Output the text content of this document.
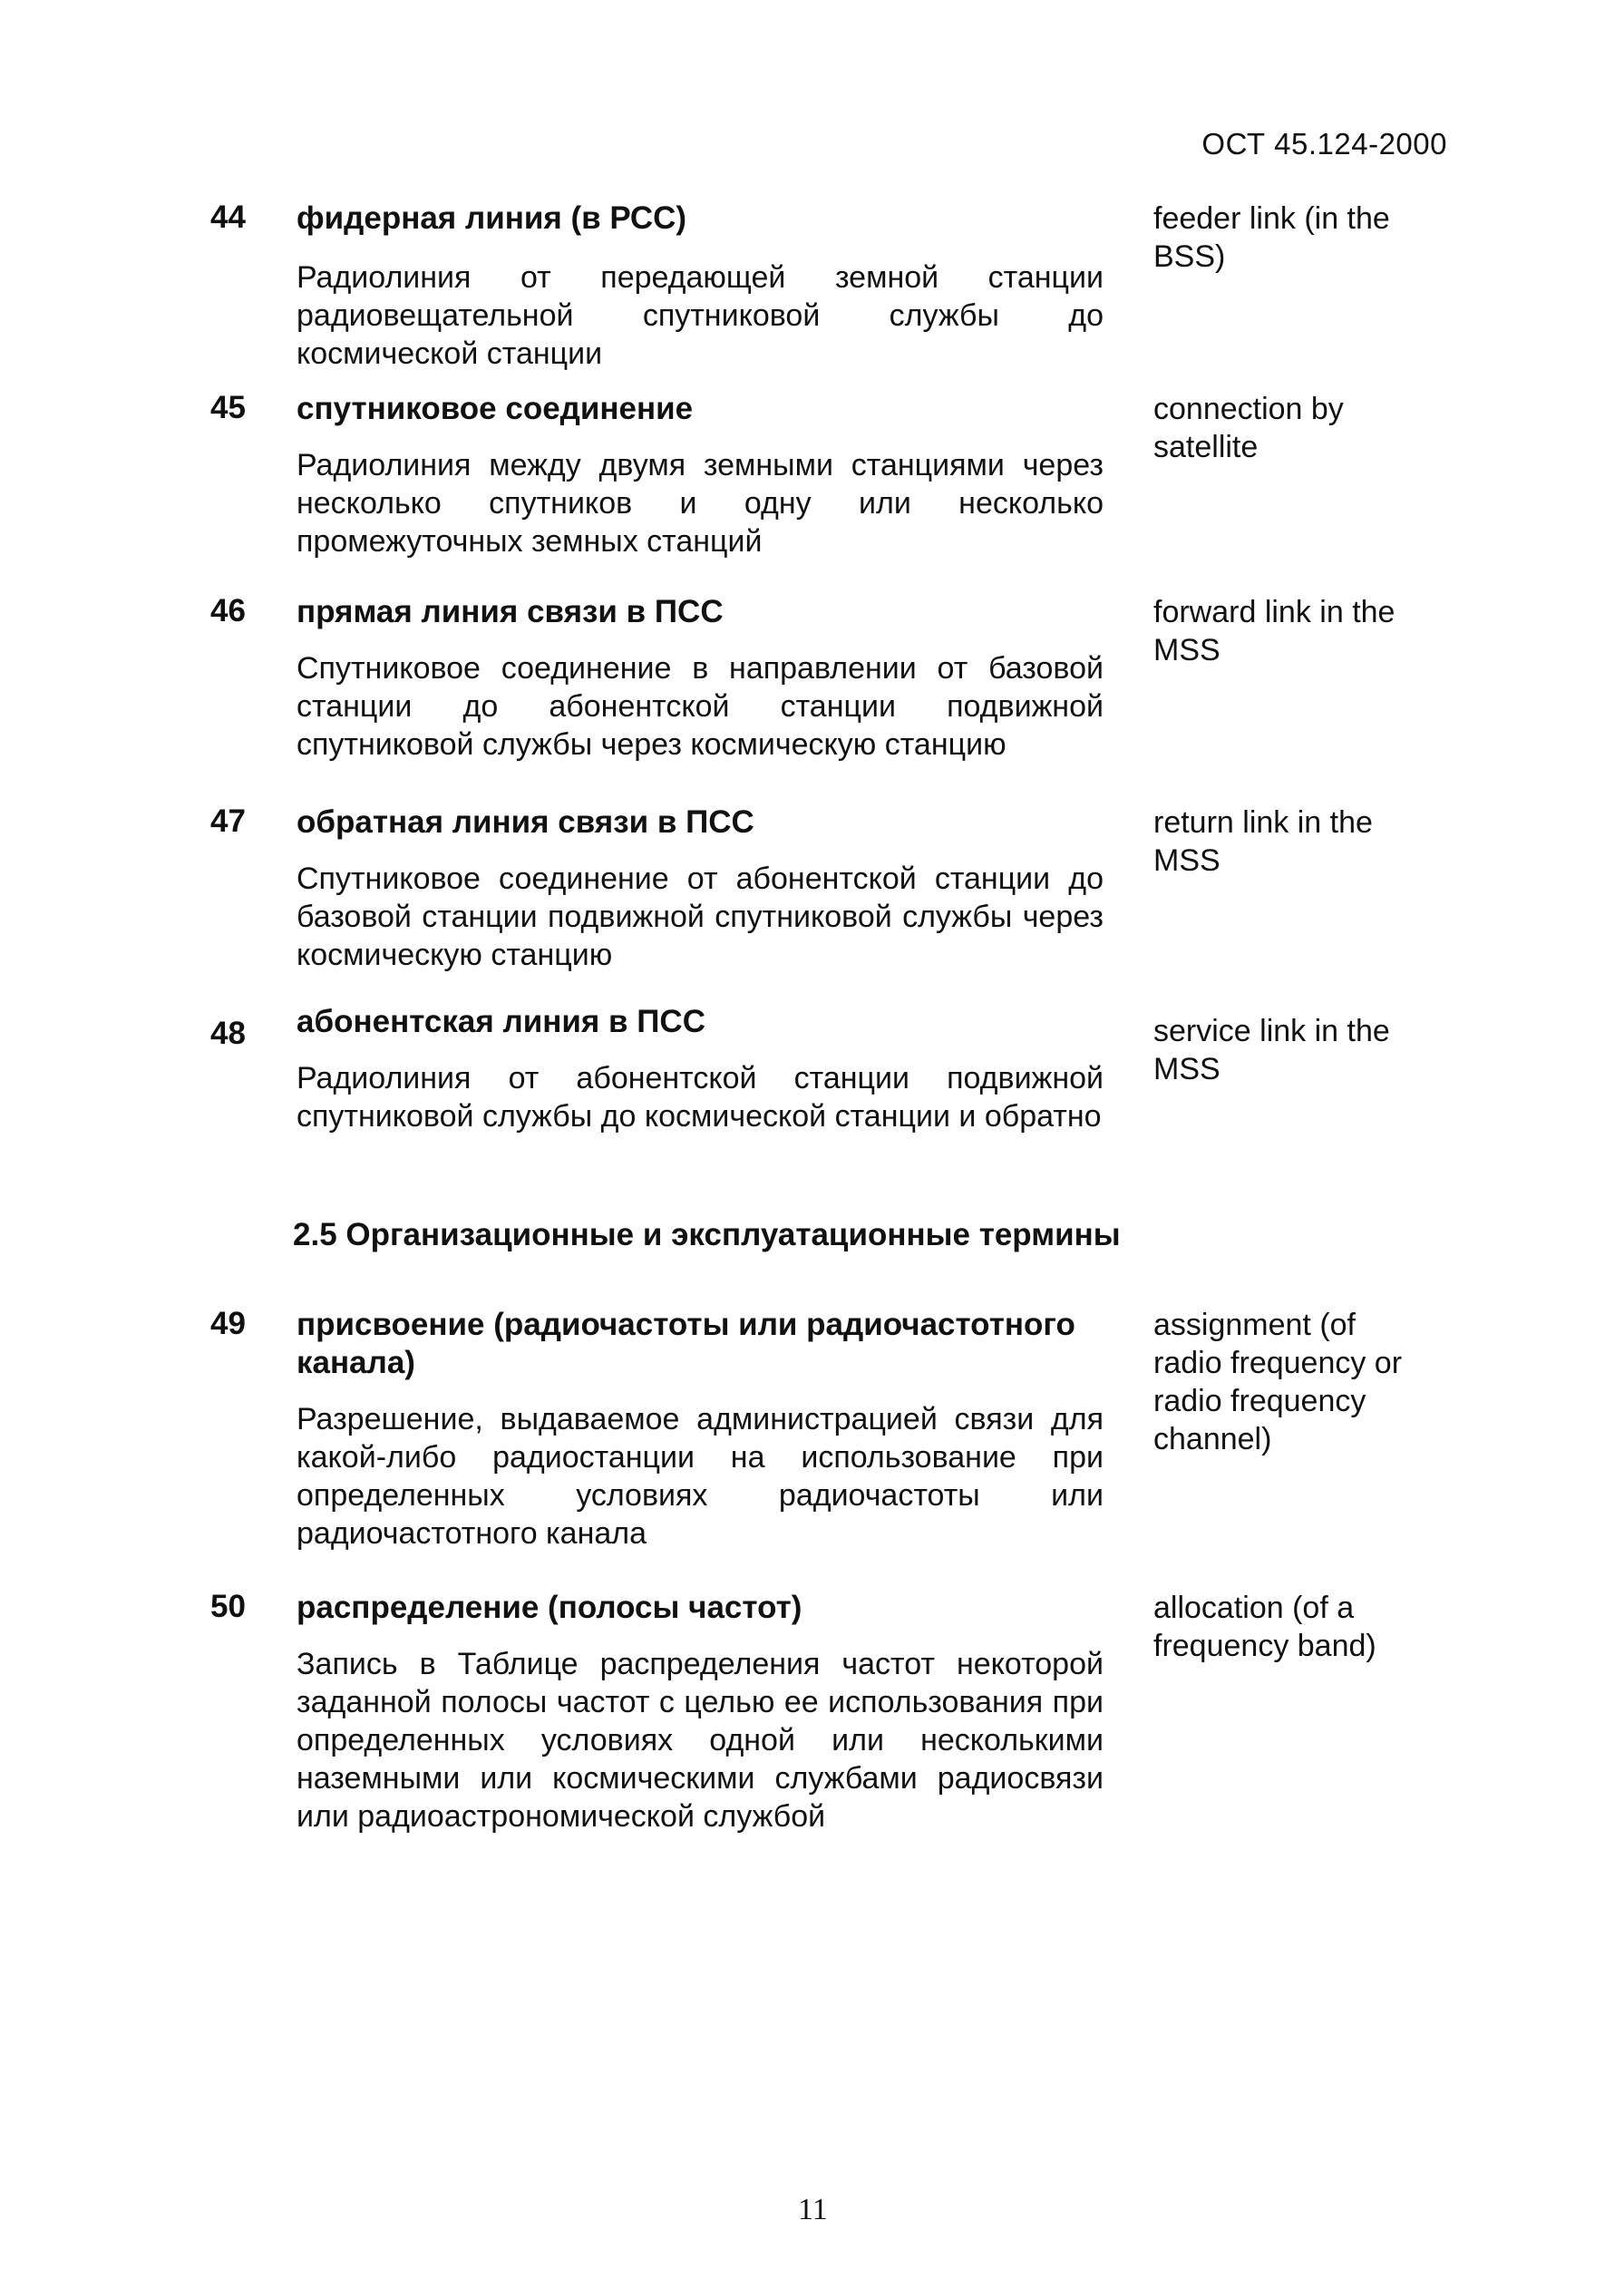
ОСТ 45.124-2000
44 фидерная линия (в РСС)
Радиолиния от передающей земной станции радиовещательной спутниковой службы до космической станции
feeder link (in the BSS)
45 спутниковое соединение
Радиолиния между двумя земными станциями через несколько спутников и одну или несколько промежуточных земных станций
connection by satellite
46 прямая линия связи в ПСС
Спутниковое соединение в направлении от базовой станции до абонентской станции подвижной спутниковой службы через космическую станцию
forward link in the MSS
47 обратная линия связи в ПСС
Спутниковое соединение от абонентской станции до базовой станции подвижной спутниковой службы через космическую станцию
return link in the MSS
48 абонентская линия в ПСС
Радиолиния от абонентской станции подвижной спутниковой службы до космической станции и обратно
service link in the MSS
2.5 Организационные и эксплуатационные термины
49 присвоение (радиочастоты или радиочастотного канала)
Разрешение, выдаваемое администрацией связи для какой-либо радиостанции на использование при определенных условиях радиочастоты или радиочастотного канала
assignment (of radio frequency or radio frequency channel)
50 распределение (полосы частот)
Запись в Таблице распределения частот некоторой заданной полосы частот с целью ее использования при определенных условиях одной или несколькими наземными или космическими службами радиосвязи или радиоастрономической службой
allocation (of a frequency band)
11
